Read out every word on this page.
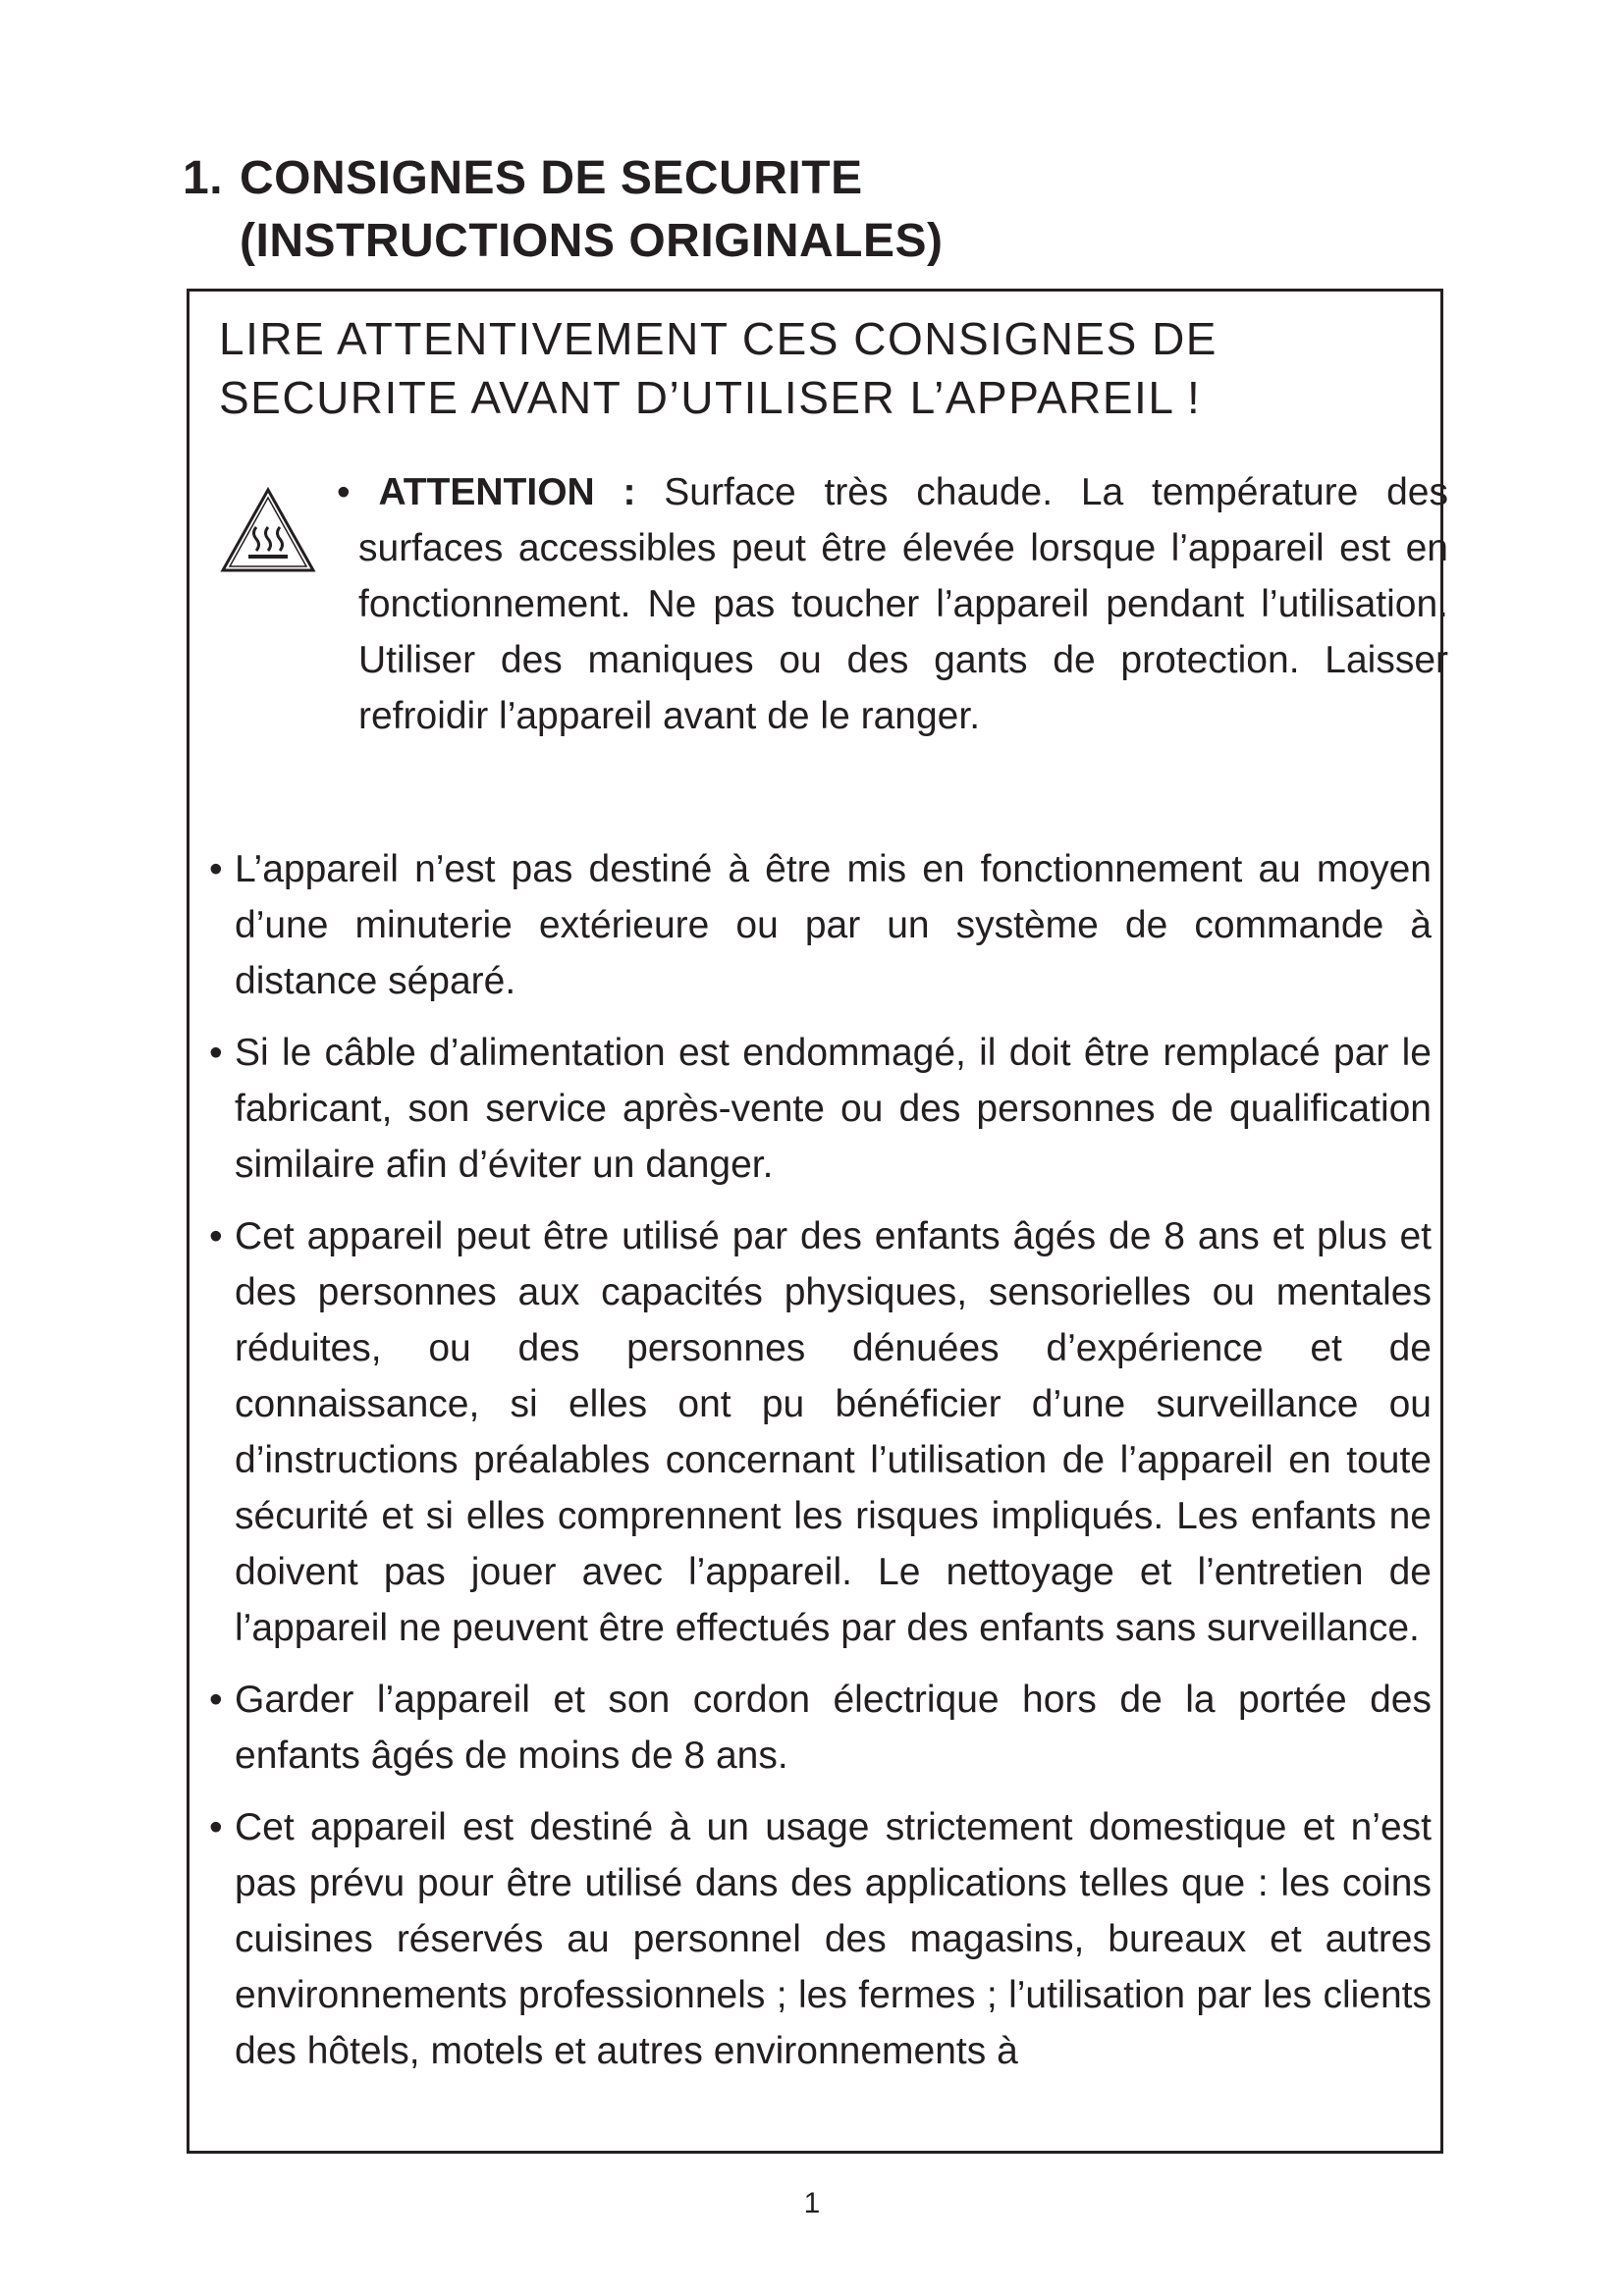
1. CONSIGNES DE SECURITE
(INSTRUCTIONS ORIGINALES)

LIRE ATTENTIVEMENT CES CONSIGNES DE SECURITE AVANT D’UTILISER L’APPAREIL !

• ATTENTION : Surface très chaude. La température des surfaces accessibles peut être élevée lorsque l’appareil est en fonctionnement. Ne pas toucher l’appareil pendant l’utilisation. Utiliser des maniques ou des gants de protection. Laisser refroidir l’appareil avant de le ranger.

• L’appareil n’est pas destiné à être mis en fonctionnement au moyen d’une minuterie extérieure ou par un système de commande à distance séparé.
• Si le câble d’alimentation est endommagé, il doit être remplacé par le fabricant, son service après-vente ou des personnes de qualification similaire afin d’éviter un danger.
• Cet appareil peut être utilisé par des enfants âgés de 8 ans et plus et des personnes aux capacités physiques, sensorielles ou mentales réduites, ou des personnes dénuées d’expérience et de connaissance, si elles ont pu bénéficier d’une surveillance ou d’instructions préalables concernant l’utilisation de l’appareil en toute sécurité et si elles comprennent les risques impliqués. Les enfants ne doivent pas jouer avec l’appareil. Le nettoyage et l’entretien de l’appareil ne peuvent être effectués par des enfants sans surveillance.
• Garder l’appareil et son cordon électrique hors de la portée des enfants âgés de moins de 8 ans.
• Cet appareil est destiné à un usage strictement domestique et n’est pas prévu pour être utilisé dans des applications telles que : les coins cuisines réservés au personnel des magasins, bureaux et autres environnements professionnels ; les fermes ; l’utilisation par les clients des hôtels, motels et autres environnements à

1
